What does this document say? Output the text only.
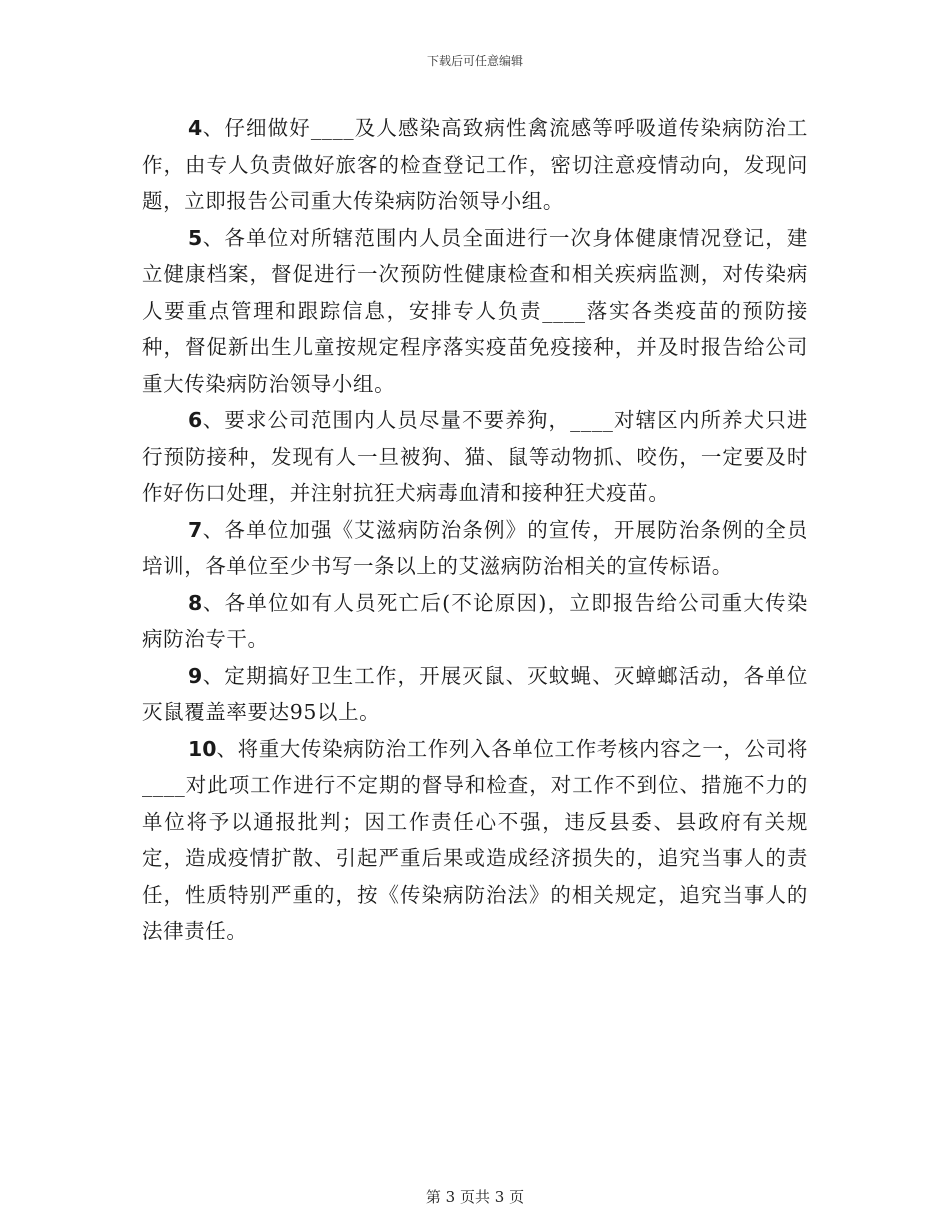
下载后可任意编辑

4、仔细做好____及人感染高致病性禽流感等呼吸道传染病防治工作，由专人负责做好旅客的检查登记工作，密切注意疫情动向，发现问题，立即报告公司重大传染病防治领导小组。

5、各单位对所辖范围内人员全面进行一次身体健康情况登记，建立健康档案，督促进行一次预防性健康检查和相关疾病监测，对传染病人要重点管理和跟踪信息，安排专人负责____落实各类疫苗的预防接种，督促新出生儿童按规定程序落实疫苗免疫接种，并及时报告给公司重大传染病防治领导小组。

6、要求公司范围内人员尽量不要养狗，____对辖区内所养犬只进行预防接种，发现有人一旦被狗、猫、鼠等动物抓、咬伤，一定要及时作好伤口处理，并注射抗狂犬病毒血清和接种狂犬疫苗。

7、各单位加强《艾滋病防治条例》的宣传，开展防治条例的全员培训，各单位至少书写一条以上的艾滋病防治相关的宣传标语。

8、各单位如有人员死亡后(不论原因)，立即报告给公司重大传染病防治专干。

9、定期搞好卫生工作，开展灭鼠、灭蚊蝇、灭蟑螂活动，各单位灭鼠覆盖率要达95以上。

10、将重大传染病防治工作列入各单位工作考核内容之一，公司将____对此项工作进行不定期的督导和检查，对工作不到位、措施不力的单位将予以通报批判；因工作责任心不强，违反县委、县政府有关规定，造成疫情扩散、引起严重后果或造成经济损失的，追究当事人的责任，性质特别严重的，按《传染病防治法》的相关规定，追究当事人的法律责任。

第 3 页共 3 页
